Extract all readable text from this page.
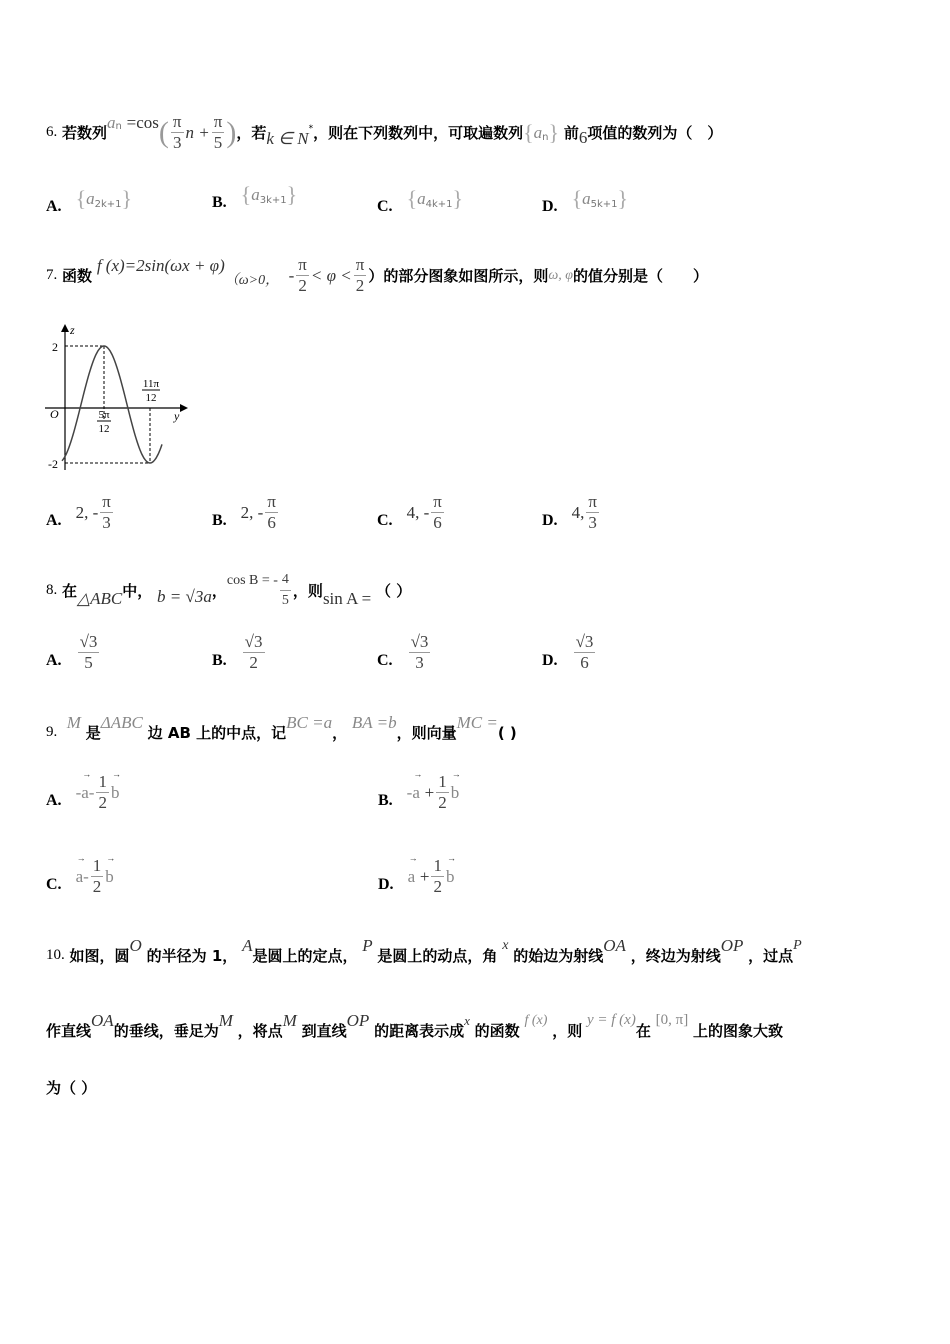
6.
若数列
a n
=cos ( $\frac{\pi}{3}$ $n + \frac{\pi}{5}$ ) ，若 k ∈ N * ，则在下列数列中，可取遍数列 { a n }
前 6 项值的数列为（　）
A. { a 2k+1 }	B. { a 3k+1 }	C. { a 4k+1 }	D. { a 5k+1 }
7.
函数

f (x)=2sin(ωx + φ)
（ω>0，
- $\frac{\pi}{2} < \varphi < \frac{\pi}{2}$ ）的部分图象如图所示，则 ω, φ 的值分别是（　　）
z
y
O
2
-2
5π
12
11π
12
A. 2, - $\frac{\pi}{3}$	B. 2, - $\frac{\pi}{6}$	C. 4, - $\frac{\pi}{6}$	D. 4, $\frac{\pi}{3}$
8.
在 △ABC 中，
b = √3a ，
cos B = - $\frac{4}{5}$ ，则 sin A =
（ ）
A. $\frac{√3}{5}$	B. $\frac{√3}{2}$	C. $\frac{√3}{3}$	D. $\frac{√3}{6}$
9.

M

是
ΔABC

边 AB 上的中点，记
BC =a
，

BA =b
，则向量
MC =
( )
A. - → $a - \frac{1}{2} \to b$	B. - → a
+ $\frac{1}{2} \to b$
C. → $a - \frac{1}{2} \to b$	D. → a
+ $\frac{1}{2} \to b$
10.
如图，圆
O

的半径为 1，

A
是圆上的定点，

P

是圆上的动点，角

x

的始边为射线
OA

，终边为射线
OP

，过点
P
作直线
OA
的垂线，垂足为
M

，将点
M

到直线
OP

的距离表示成
x

的函数

f (x)

，则

y = f (x)
在

[0, π]

上的图象大致
为（ ）
